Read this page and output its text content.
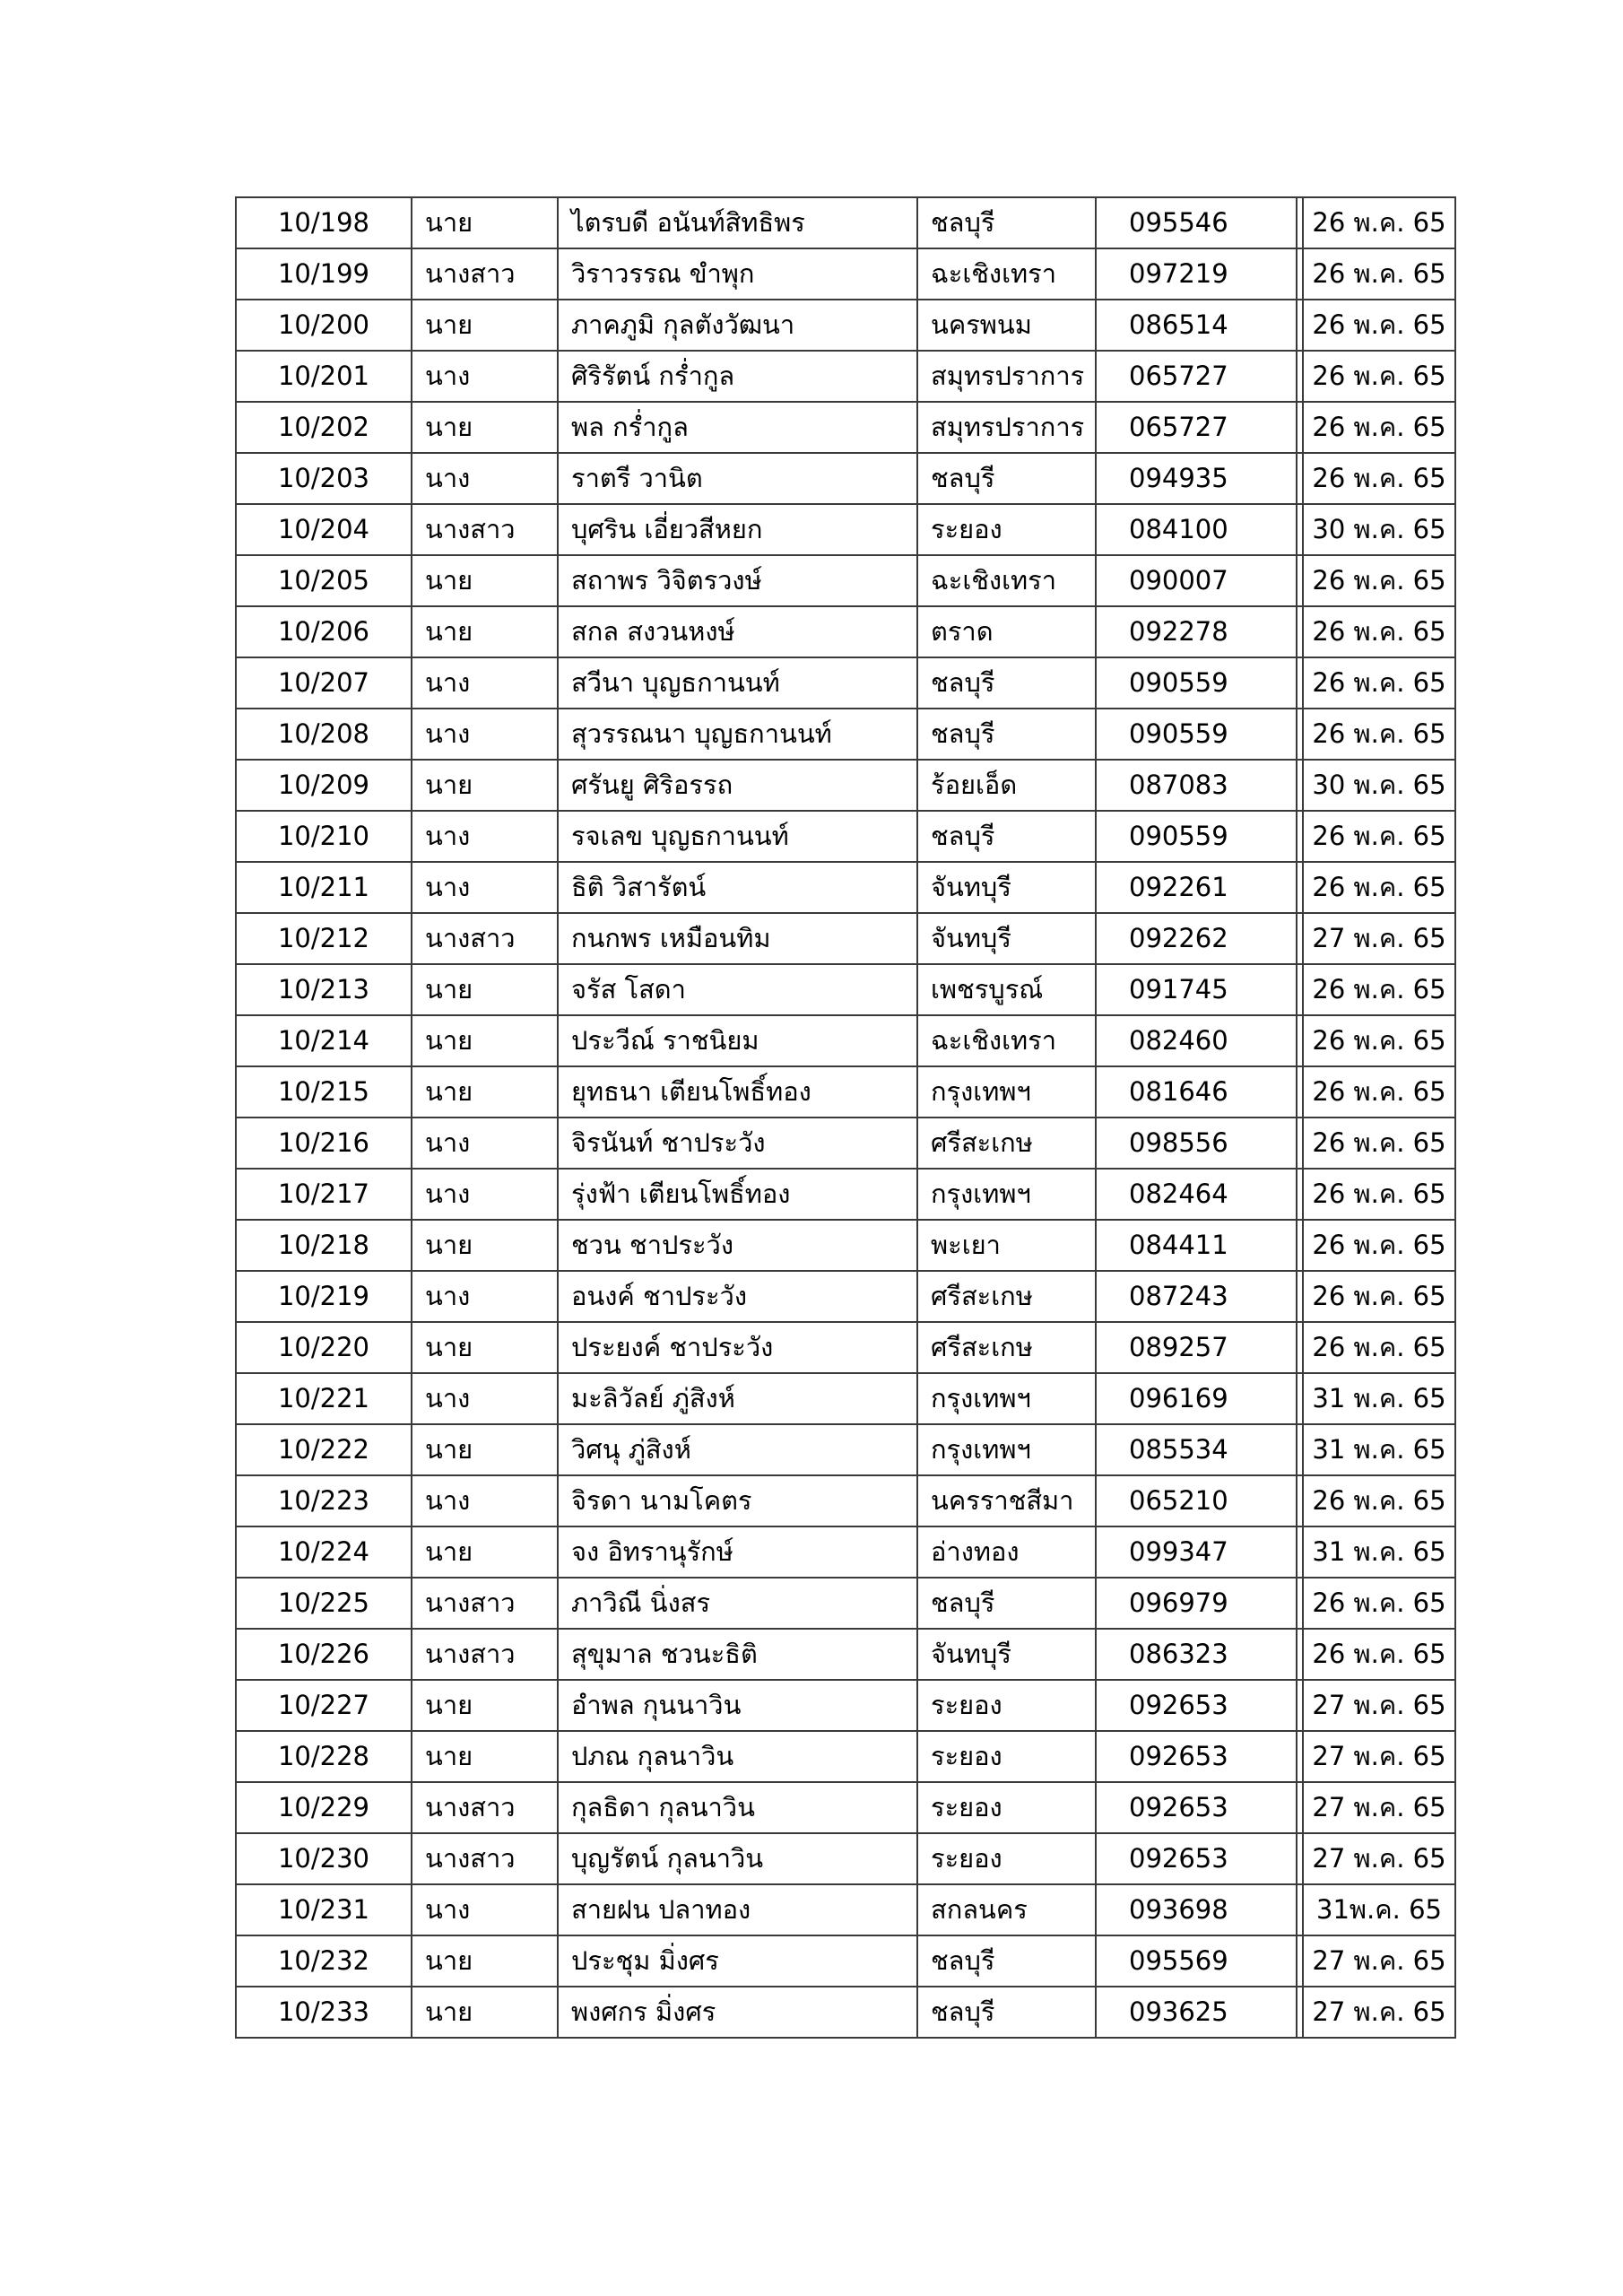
10/198	นาย	ไตรบดี อนันท์สิทธิพร	ชลบุรี	095546	26 พ.ค. 65
10/199	นางสาว	วิราวรรณ ขำพุก	ฉะเชิงเทรา	097219	26 พ.ค. 65
10/200	นาย	ภาคภูมิ กุลตังวัฒนา	นครพนม	086514	26 พ.ค. 65
10/201	นาง	ศิริรัตน์ กร่ำกูล	สมุทรปราการ	065727	26 พ.ค. 65
10/202	นาย	พล กร่ำกูล	สมุทรปราการ	065727	26 พ.ค. 65
10/203	นาง	ราตรี วานิต	ชลบุรี	094935	26 พ.ค. 65
10/204	นางสาว	บุศริน เอี่ยวสีหยก	ระยอง	084100	30 พ.ค. 65
10/205	นาย	สถาพร วิจิตรวงษ์	ฉะเชิงเทรา	090007	26 พ.ค. 65
10/206	นาย	สกล สงวนหงษ์	ตราด	092278	26 พ.ค. 65
10/207	นาง	สวีนา บุญธกานนท์	ชลบุรี	090559	26 พ.ค. 65
10/208	นาง	สุวรรณนา บุญธกานนท์	ชลบุรี	090559	26 พ.ค. 65
10/209	นาย	ศรันยู ศิริอรรถ	ร้อยเอ็ด	087083	30 พ.ค. 65
10/210	นาง	รจเลข บุญธกานนท์	ชลบุรี	090559	26 พ.ค. 65
10/211	นาง	ธิติ วิสารัตน์	จันทบุรี	092261	26 พ.ค. 65
10/212	นางสาว	กนกพร เหมือนทิม	จันทบุรี	092262	27 พ.ค. 65
10/213	นาย	จรัส โสดา	เพชรบูรณ์	091745	26 พ.ค. 65
10/214	นาย	ประวีณ์ ราชนิยม	ฉะเชิงเทรา	082460	26 พ.ค. 65
10/215	นาย	ยุทธนา เตียนโพธิ์ทอง	กรุงเทพฯ	081646	26 พ.ค. 65
10/216	นาง	จิรนันท์ ชาประวัง	ศรีสะเกษ	098556	26 พ.ค. 65
10/217	นาง	รุ่งฟ้า เตียนโพธิ์ทอง	กรุงเทพฯ	082464	26 พ.ค. 65
10/218	นาย	ชวน ชาประวัง	พะเยา	084411	26 พ.ค. 65
10/219	นาง	อนงค์ ชาประวัง	ศรีสะเกษ	087243	26 พ.ค. 65
10/220	นาย	ประยงค์ ชาประวัง	ศรีสะเกษ	089257	26 พ.ค. 65
10/221	นาง	มะลิวัลย์ ภู่สิงห์	กรุงเทพฯ	096169	31 พ.ค. 65
10/222	นาย	วิศนุ ภู่สิงห์	กรุงเทพฯ	085534	31 พ.ค. 65
10/223	นาง	จิรดา นามโคตร	นครราชสีมา	065210	26 พ.ค. 65
10/224	นาย	จง อิทรานุรักษ์	อ่างทอง	099347	31 พ.ค. 65
10/225	นางสาว	ภาวิณี นิ่งสร	ชลบุรี	096979	26 พ.ค. 65
10/226	นางสาว	สุขุมาล ชวนะธิติ	จันทบุรี	086323	26 พ.ค. 65
10/227	นาย	อำพล กุนนาวิน	ระยอง	092653	27 พ.ค. 65
10/228	นาย	ปภณ กุลนาวิน	ระยอง	092653	27 พ.ค. 65
10/229	นางสาว	กุลธิดา กุลนาวิน	ระยอง	092653	27 พ.ค. 65
10/230	นางสาว	บุญรัตน์ กุลนาวิน	ระยอง	092653	27 พ.ค. 65
10/231	นาง	สายฝน ปลาทอง	สกลนคร	093698	31พ.ค. 65
10/232	นาย	ประชุม มิ่งศร	ชลบุรี	095569	27 พ.ค. 65
10/233	นาย	พงศกร มิ่งศร	ชลบุรี	093625	27 พ.ค. 65
